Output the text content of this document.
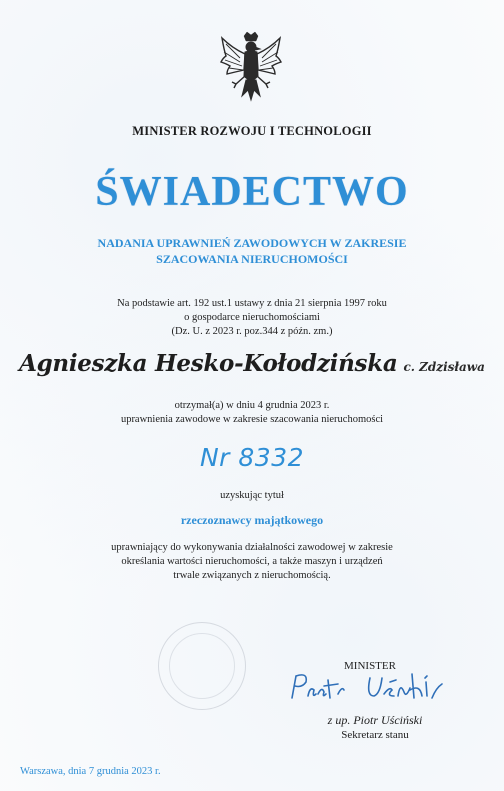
MINISTER ROZWOJU I TECHNOLOGII
ŚWIADECTWO
NADANIA UPRAWNIEŃ ZAWODOWYCH W ZAKRESIE
SZACOWANIA NIERUCHOMOŚCI
Na podstawie art. 192 ust.1 ustawy z dnia 21 sierpnia 1997 roku
o gospodarce nieruchomościami
(Dz. U. z 2023 r. poz.344 z późn. zm.)
Agnieszka Hesko-Kołodzińska c. Zdzisława
otrzymał(a) w dniu 4 grudnia 2023 r.
uprawnienia zawodowe w zakresie szacowania nieruchomości
Nr 8332
uzyskując tytuł
rzeczoznawcy majątkowego
uprawniający do wykonywania działalności zawodowej w zakresie
określania wartości nieruchomości, a także maszyn i urządzeń
trwale związanych z nieruchomością.
MINISTER
z up. Piotr Uściński
Sekretarz stanu
Warszawa, dnia 7 grudnia 2023 r.
